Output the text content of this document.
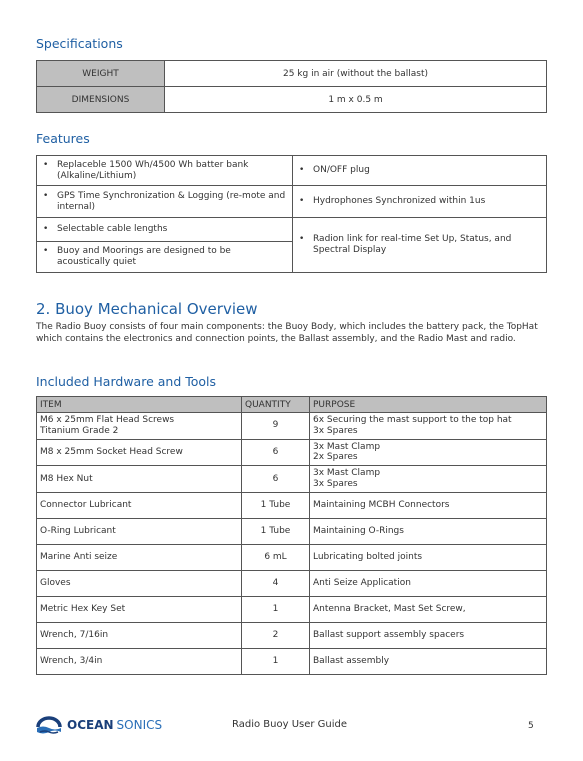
Specifications
WEIGHT	25 kg in air (without the ballast)
DIMENSIONS	1 m x 0.5 m
Features
• Replaceble 1500 Wh/4500 Wh batter bank (Alkaline/Lithium)	• ON/OFF plug

• GPS Time Synchronization & Logging (re-mote and internal)	• Hydrophones Synchronized within 1us

• Selectable cable lengths	• Radion link for real-time Set Up, Status, and Spectral Display

• Buoy and Moorings are designed to be acoustically quiet	
2. Buoy Mechanical Overview
The Radio Buoy consists of four main components: the Buoy Body, which includes the battery pack, the TopHat which contains the electronics and connection points, the Ballast assembly, and the Radio Mast and radio.
Included Hardware and Tools
ITEM	QUANTITY	PURPOSE
M6 x 25mm Flat Head Screws
Titanium Grade 2	9	6x Securing the mast support to the top hat
3x Spares
M8 x 25mm Socket Head Screw	6	3x Mast Clamp
2x Spares
M8 Hex Nut	6	3x Mast Clamp
3x Spares
Connector Lubricant	1 Tube	Maintaining MCBH Connectors
O-Ring Lubricant	1 Tube	Maintaining O-Rings
Marine Anti seize	6 mL	Lubricating bolted joints
Gloves	4	Anti Seize Application
Metric Hex Key Set	1	Antenna Bracket, Mast Set Screw,
Wrench, 7/16in	2	Ballast support assembly spacers
Wrench, 3/4in	1	Ballast assembly
OCEAN SONICS	Radio Buoy User Guide	5
